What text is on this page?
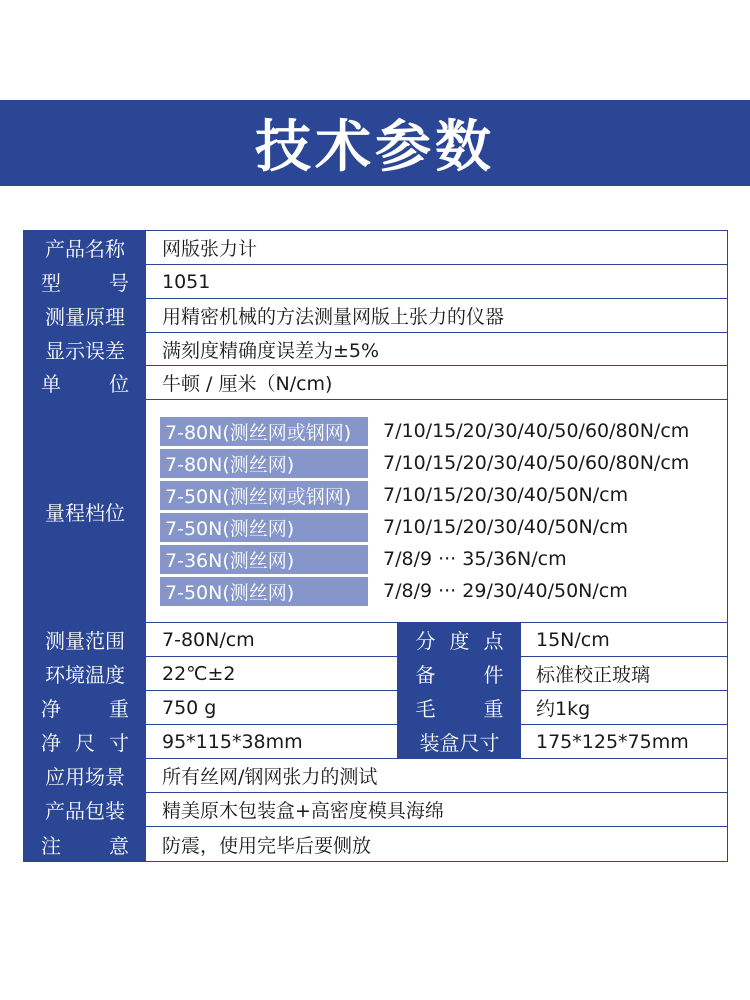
技术参数
产品名称	网版张力计
型 号	1051
测量原理	用精密机械的方法测量网版上张力的仪器
显示误差	满刻度精确度误差为±5%
单 位	牛顿 / 厘米（N/cm)
量程档位
7-80N(测丝网或钢网)	7/10/15/20/30/40/50/60/80N/cm
7-80N(测丝网)	7/10/15/20/30/40/50/60/80N/cm
7-50N(测丝网或钢网)	7/10/15/20/30/40/50N/cm
7-50N(测丝网)	7/10/15/20/30/40/50N/cm
7-36N(测丝网)	7/8/9 ··· 35/36N/cm
7-50N(测丝网)	7/8/9 ··· 29/30/40/50N/cm
测量范围	7-80N/cm	分 度 点	15N/cm
环境温度	22℃±2	备 件	标准校正玻璃
净 重	750 g	毛 重	约1kg
净 尺 寸	95*115*38mm	装盒尺寸	175*125*75mm
应用场景	所有丝网/钢网张力的测试
产品包装	精美原木包装盒+高密度模具海绵
注 意	防震，使用完毕后要侧放
